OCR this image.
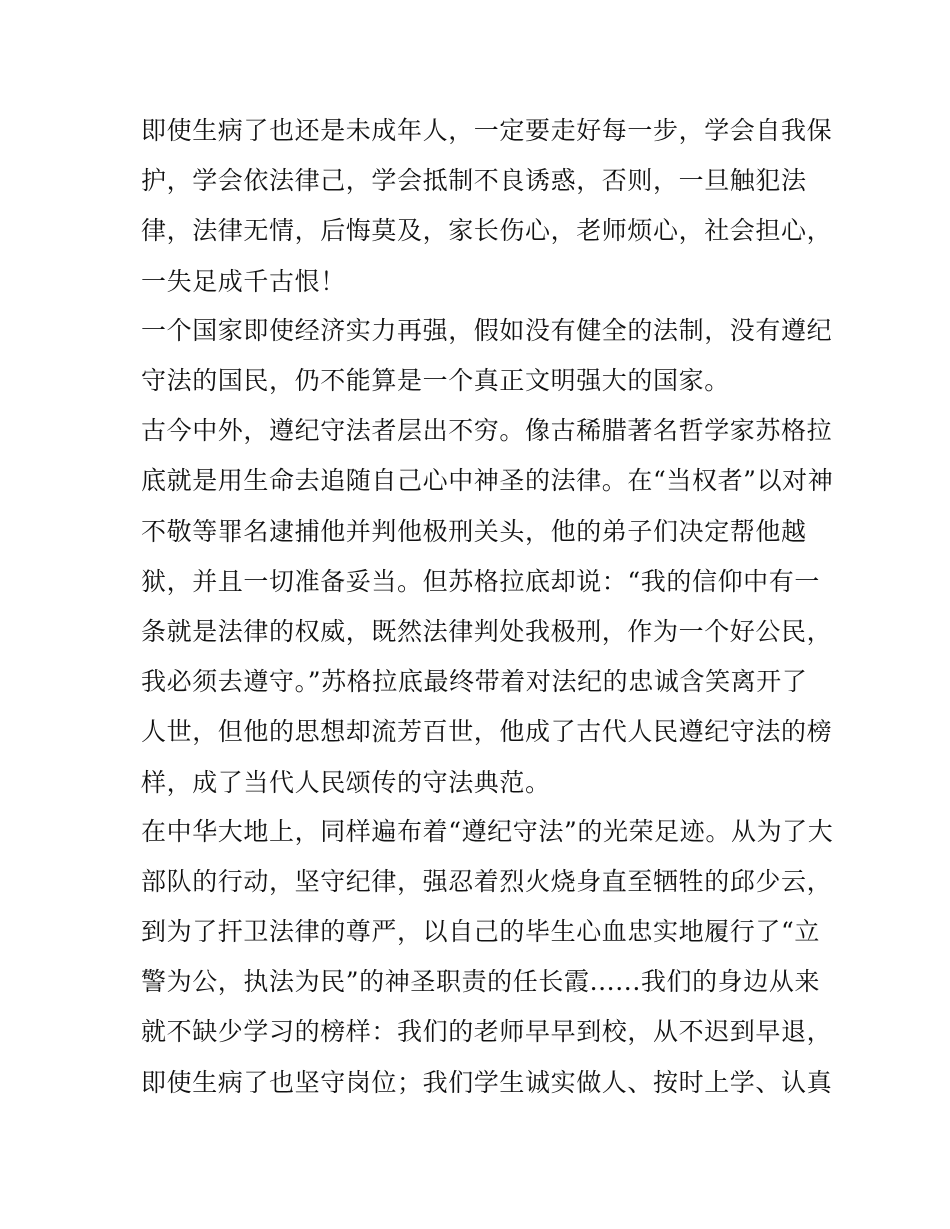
即使生病了也还是未成年人，一定要走好每一步，学会自我保
护，学会依法律己，学会抵制不良诱惑，否则，一旦触犯法
律，法律无情，后悔莫及，家长伤心，老师烦心，社会担心，
一失足成千古恨！
一个国家即使经济实力再强，假如没有健全的法制，没有遵纪
守法的国民，仍不能算是一个真正文明强大的国家。
古今中外，遵纪守法者层出不穷。像古稀腊著名哲学家苏格拉
底就是用生命去追随自己心中神圣的法律。在“当权者”以对神
不敬等罪名逮捕他并判他极刑关头，他的弟子们决定帮他越
狱，并且一切准备妥当。但苏格拉底却说：“我的信仰中有一
条就是法律的权威，既然法律判处我极刑，作为一个好公民，
我必须去遵守。”苏格拉底最终带着对法纪的忠诚含笑离开了
人世，但他的思想却流芳百世，他成了古代人民遵纪守法的榜
样，成了当代人民颂传的守法典范。
在中华大地上，同样遍布着“遵纪守法”的光荣足迹。从为了大
部队的行动，坚守纪律，强忍着烈火烧身直至牺牲的邱少云，
到为了扞卫法律的尊严，以自己的毕生心血忠实地履行了“立
警为公，执法为民”的神圣职责的任长霞......我们的身边从来
就不缺少学习的榜样：我们的老师早早到校，从不迟到早退，
即使生病了也坚守岗位；我们学生诚实做人、按时上学、认真
